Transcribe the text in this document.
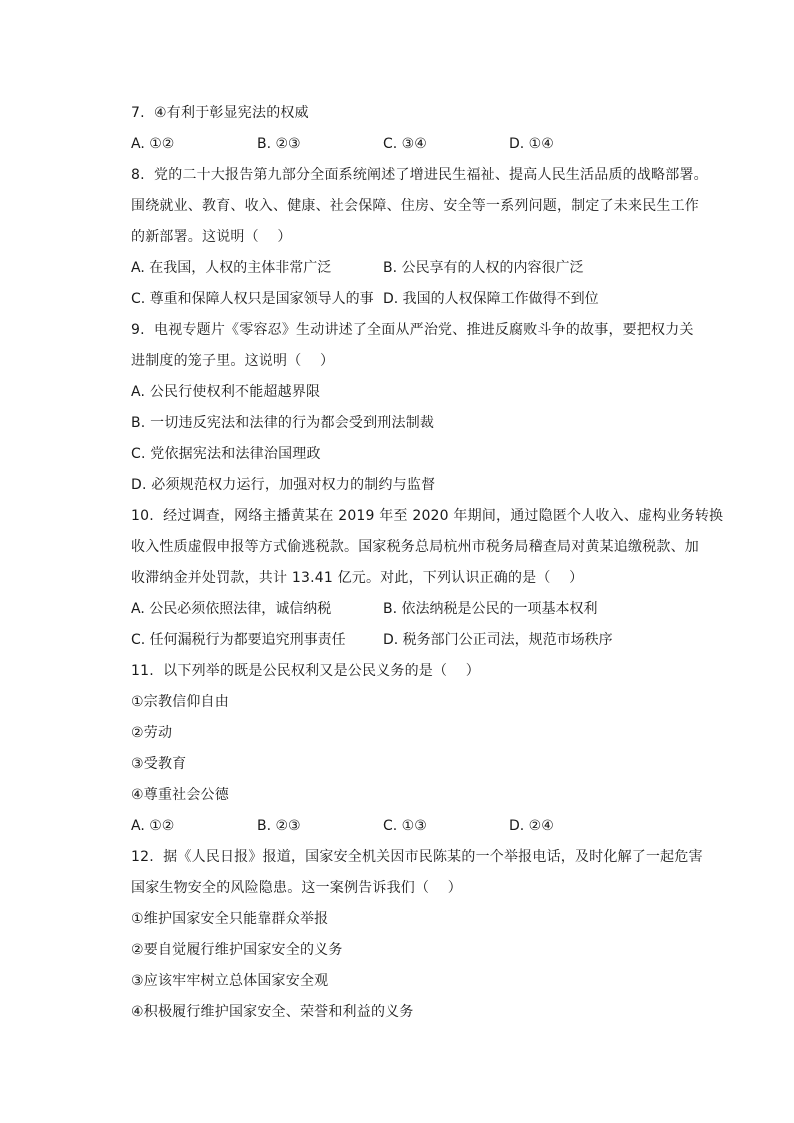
7.  ④有利于彰显宪法的权威
A. ①②	B. ②③	C. ③④	D. ①④
8.  党的二十大报告第九部分全面系统阐述了增进民生福祉、提高人民生活品质的战略部署。
围绕就业、教育、收入、健康、社会保障、住房、安全等一系列问题，制定了未来民生工作
的新部署。这说明（    ）
A. 在我国，人权的主体非常广泛	B. 公民享有的人权的内容很广泛
C. 尊重和保障人权只是国家领导人的事 D. 我国的人权保障工作做得不到位
9.  电视专题片《零容忍》生动讲述了全面从严治党、推进反腐败斗争的故事，要把权力关
进制度的笼子里。这说明（    ）
A. 公民行使权利不能超越界限
B. 一切违反宪法和法律的行为都会受到刑法制裁
C. 党依据宪法和法律治国理政
D. 必须规范权力运行，加强对权力的制约与监督
10.  经过调查，网络主播黄某在 2019 年至 2020 年期间，通过隐匿个人收入、虚构业务转换
收入性质虚假申报等方式偷逃税款。国家税务总局杭州市税务局稽查局对黄某追缴税款、加
收滞纳金并处罚款，共计 13.41 亿元。对此，下列认识正确的是（    ）
A. 公民必须依照法律，诚信纳税	B. 依法纳税是公民的一项基本权利
C. 任何漏税行为都要追究刑事责任	D. 税务部门公正司法，规范市场秩序
11.  以下列举的既是公民权利又是公民义务的是（    ）
①宗教信仰自由
②劳动
③受教育
④尊重社会公德
A. ①②	B. ②③	C. ①③	D. ②④
12.  据《人民日报》报道，国家安全机关因市民陈某的一个举报电话，及时化解了一起危害
国家生物安全的风险隐患。这一案例告诉我们（    ）
①维护国家安全只能靠群众举报
②要自觉履行维护国家安全的义务
③应该牢牢树立总体国家安全观
④积极履行维护国家安全、荣誉和利益的义务
